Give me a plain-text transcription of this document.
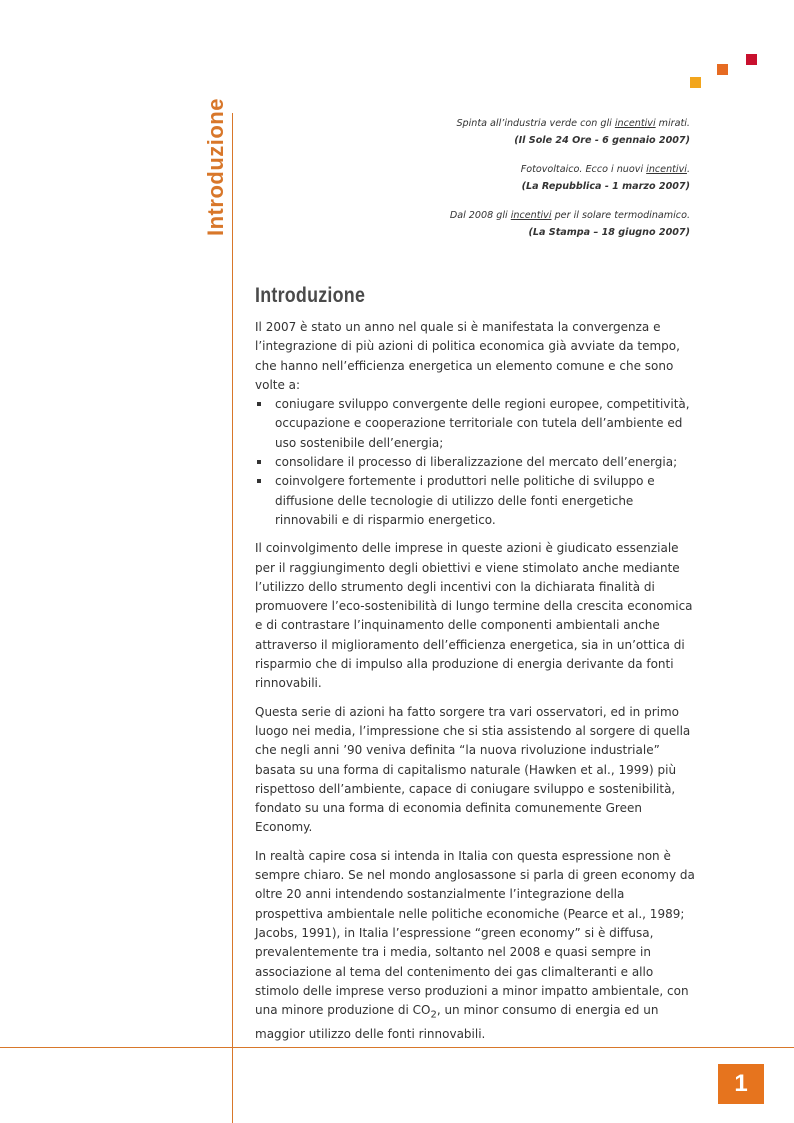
Introduzione	Spinta all’industria verde con gli incentivi mirati.

(Il Sole 24 Ore - 6 gennaio 2007)

Fotovoltaico. Ecco i nuovi incentivi.

(La Repubblica - 1 marzo 2007)

Dal 2008 gli incentivi per il solare termodinamico.

(La Stampa – 18 giugno 2007)

Introduzione

Il 2007 è stato un anno nel quale si è manifestata la convergenza e l’integrazione di più azioni di politica economica già avviate da tempo, che hanno nell’efficienza energetica un elemento comune e che sono volte a:

coniugare sviluppo convergente delle regioni europee, competitività, occupazione e cooperazione territoriale con tutela dell’ambiente ed uso sostenibile dell’energia;
consolidare il processo di liberalizzazione del mercato dell’energia;
coinvolgere fortemente i produttori nelle politiche di sviluppo e diffusione delle tecnologie di utilizzo delle fonti energetiche rinnovabili e di risparmio energetico.

Il coinvolgimento delle imprese in queste azioni è giudicato essenziale per il raggiungimento degli obiettivi e viene stimolato anche mediante l’utilizzo dello strumento degli incentivi con la dichiarata finalità di promuovere l’eco-sostenibilità di lungo termine della crescita economica e di contrastare l’inquinamento delle componenti ambientali anche attraverso il miglioramento dell’efficienza energetica, sia in un’ottica di risparmio che di impulso alla produzione di energia derivante da fonti rinnovabili.

Questa serie di azioni ha fatto sorgere tra vari osservatori, ed in primo luogo nei media, l’impressione che si stia assistendo al sorgere di quella che negli anni ’90 veniva definita “la nuova rivoluzione industriale” basata su una forma di capitalismo naturale (Hawken et al., 1999) più rispettoso dell’ambiente, capace di coniugare sviluppo e sostenibilità, fondato su una forma di economia definita comunemente Green Economy.

In realtà capire cosa si intenda in Italia con questa espressione non è sempre chiaro. Se nel mondo anglosassone si parla di green economy da oltre 20 anni intendendo sostanzialmente l’integrazione della prospettiva ambientale nelle politiche economiche (Pearce et al., 1989; Jacobs, 1991), in Italia l’espressione “green economy” si è diffusa, prevalentemente tra i media, soltanto nel 2008 e quasi sempre in associazione al tema del contenimento dei gas climalteranti e allo stimolo delle imprese verso produzioni a minor impatto ambientale, con una minore produzione di $CO_2$, un minor consumo di energia ed un maggior utilizzo delle fonti rinnovabili.

1
